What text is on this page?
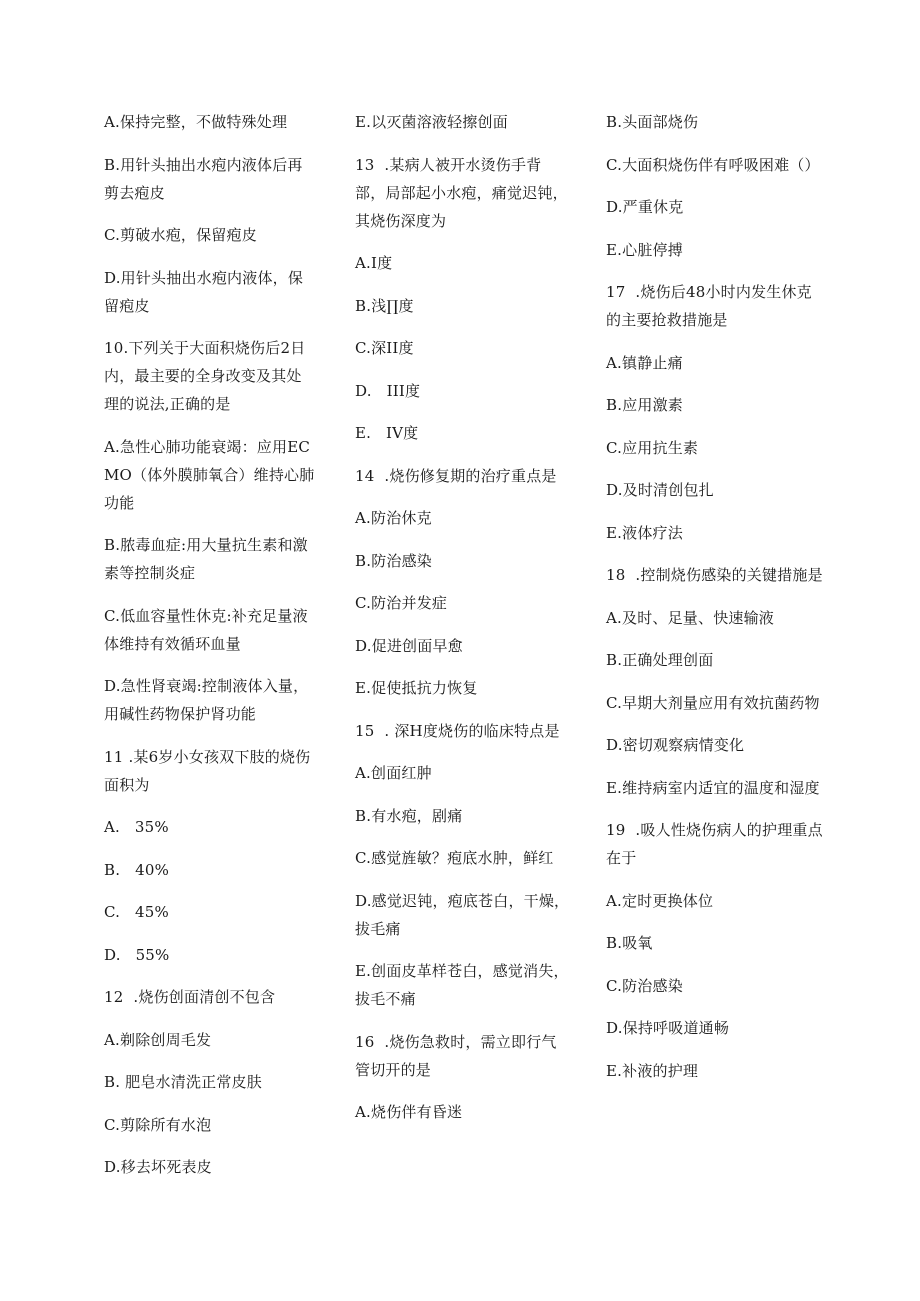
A.保持完整，不做特殊处理
B.用针头抽出水疱内液体后再剪去疱皮
C.剪破水疱，保留疱皮
D.用针头抽出水疱内液体，保留疱皮
10.下列关于大面积烧伤后2日内，最主要的全身改变及其处理的说法,正确的是
A.急性心肺功能衰竭：应用ECMO（体外膜肺氧合）维持心肺功能
B.脓毒血症:用大量抗生素和激素等控制炎症
C.低血容量性休克:补充足量液体维持有效循环血量
D.急性肾衰竭:控制液体入量，用碱性药物保护肾功能
11 .某6岁小女孩双下肢的烧伤面积为
A.   35%
B.   40%
C.   45%
D.   55%
12  .烧伤创面清创不包含
A.剃除创周毛发
B. 肥皂水清洗正常皮肤
C.剪除所有水泡
D.移去坏死表皮
E.以灭菌溶液轻擦创面
13  .某病人被开水烫伤手背部，局部起小水疱，痛觉迟钝，其烧伤深度为
A.I度
B.浅∏度
C.深II度
D.   III度
E.   IV度
14  .烧伤修复期的治疗重点是
A.防治休克
B.防治感染
C.防治并发症
D.促进创面早愈
E.促使抵抗力恢复
15  . 深H度烧伤的临床特点是
A.创面红肿
B.有水疱，剧痛
C.感觉旌敏？疱底水肿，鲜红
D.感觉迟钝，疱底苍白，干燥，拔毛痛
E.创面皮革样苍白，感觉消失，拔毛不痛
16  .烧伤急救时，需立即行气管切开的是
A.烧伤伴有昏迷
B.头面部烧伤
C.大面积烧伤伴有呼吸困难（）
D.严重休克
E.心脏停搏
17  .烧伤后48小时内发生休克的主要抢救措施是
A.镇静止痛
B.应用激素
C.应用抗生素
D.及时清创包扎
E.液体疗法
18  .控制烧伤感染的关键措施是
A.及时、足量、快速输液
B.正确处理创面
C.早期大剂量应用有效抗菌药物
D.密切观察病情变化
E.维持病室内适宜的温度和湿度
19  .吸人性烧伤病人的护理重点在于
A.定时更换体位
B.吸氧
C.防治感染
D.保持呼吸道通畅
E.补液的护理
